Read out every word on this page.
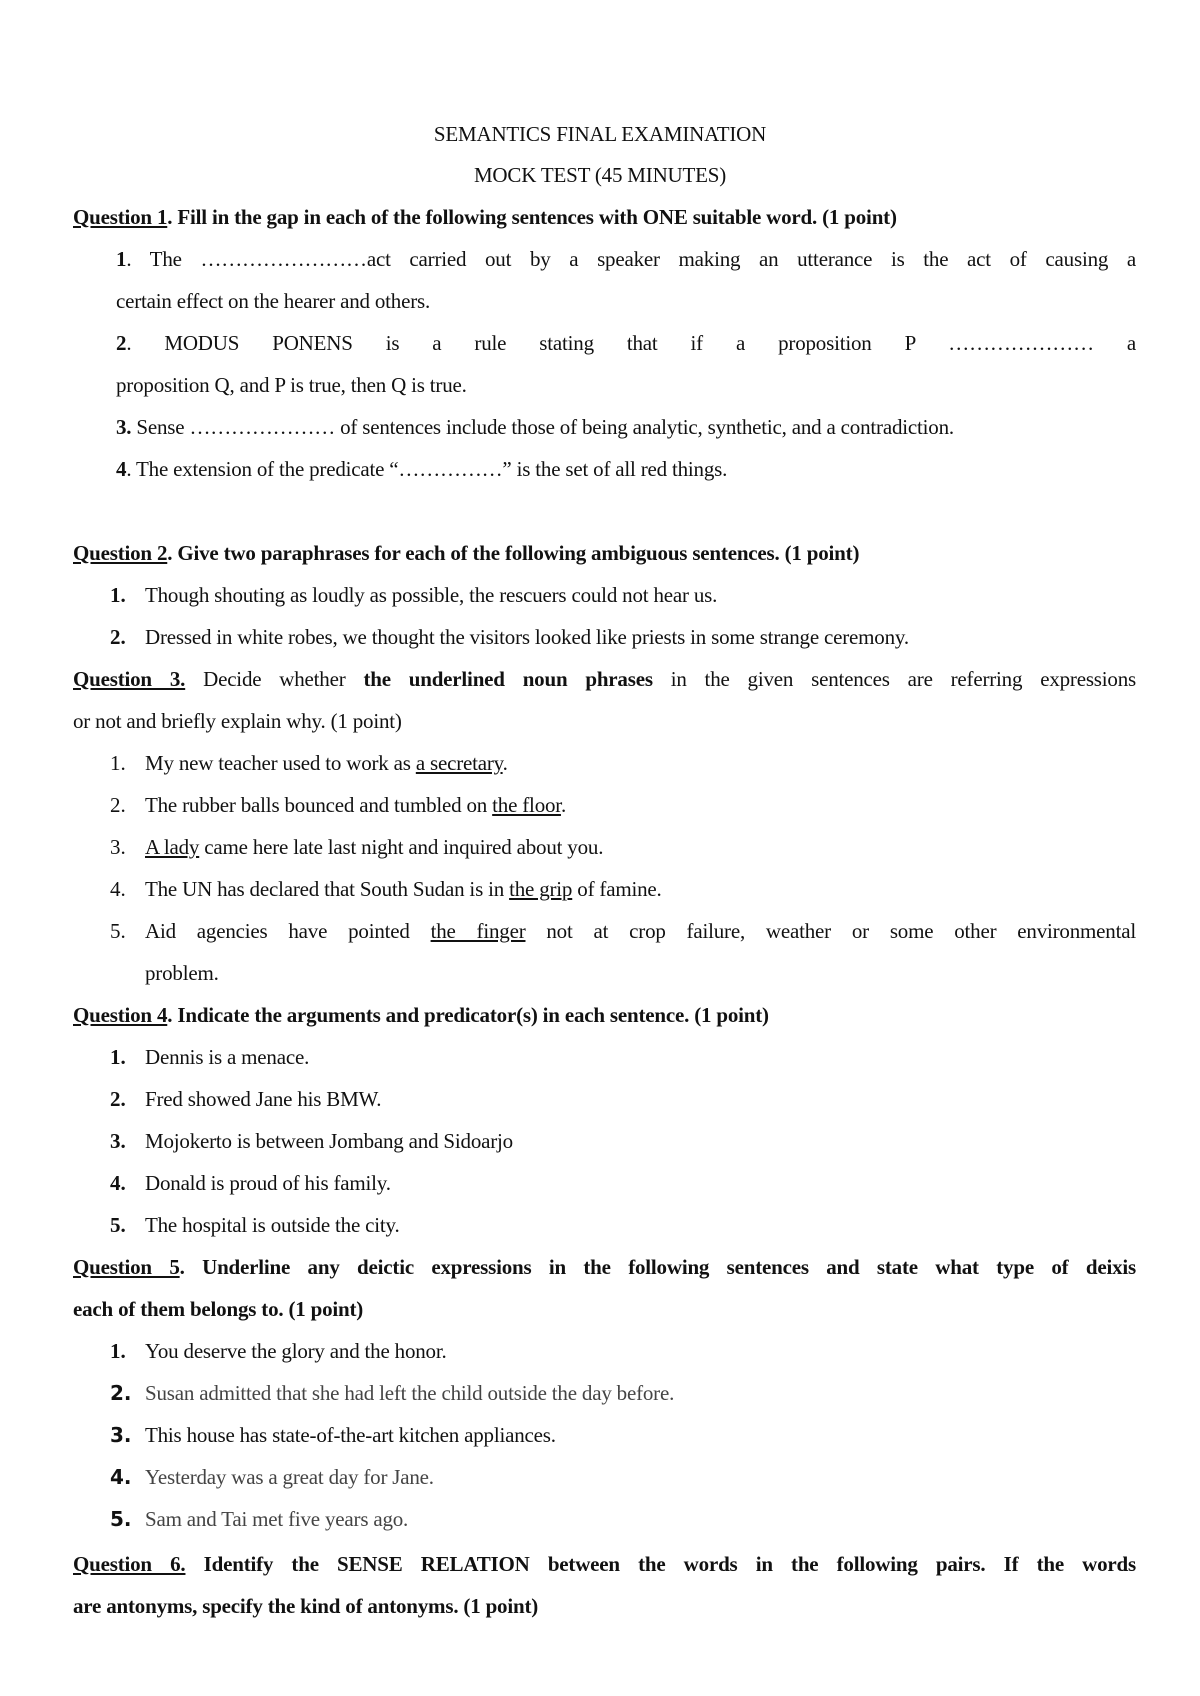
SEMANTICS FINAL EXAMINATION
MOCK TEST (45 MINUTES)
Question 1. Fill in the gap in each of the following sentences with ONE suitable word. (1 point)
1. The ……………………act carried out by a speaker making an utterance is the act of causing a
certain effect on the hearer and others.
2. MODUS PONENS is a rule stating that if a proposition P ………………… a
proposition Q, and P is true, then Q is true.
3. Sense ………………… of sentences include those of being analytic, synthetic, and a contradiction.
4. The extension of the predicate “……………” is the set of all red things.
Question 2. Give two paraphrases for each of the following ambiguous sentences. (1 point)
1. Though shouting as loudly as possible, the rescuers could not hear us.
2. Dressed in white robes, we thought the visitors looked like priests in some strange ceremony.
Question 3. Decide whether the underlined noun phrases in the given sentences are referring expressions
or not and briefly explain why. (1 point)
1. My new teacher used to work as a secretary.
2. The rubber balls bounced and tumbled on the floor.
3. A lady came here late last night and inquired about you.
4. The UN has declared that South Sudan is in the grip of famine.
5. Aid agencies have pointed the finger not at crop failure, weather or some other environmental
problem.
Question 4. Indicate the arguments and predicator(s) in each sentence. (1 point)
1. Dennis is a menace.
2. Fred showed Jane his BMW.
3. Mojokerto is between Jombang and Sidoarjo
4. Donald is proud of his family.
5. The hospital is outside the city.
Question 5. Underline any deictic expressions in the following sentences and state what type of deixis
each of them belongs to. (1 point)
1. You deserve the glory and the honor.
2. Susan admitted that she had left the child outside the day before.
3. This house has state-of-the-art kitchen appliances.
4. Yesterday was a great day for Jane.
5. Sam and Tai met five years ago.
Question 6. Identify the SENSE RELATION between the words in the following pairs. If the words
are antonyms, specify the kind of antonyms. (1 point)
